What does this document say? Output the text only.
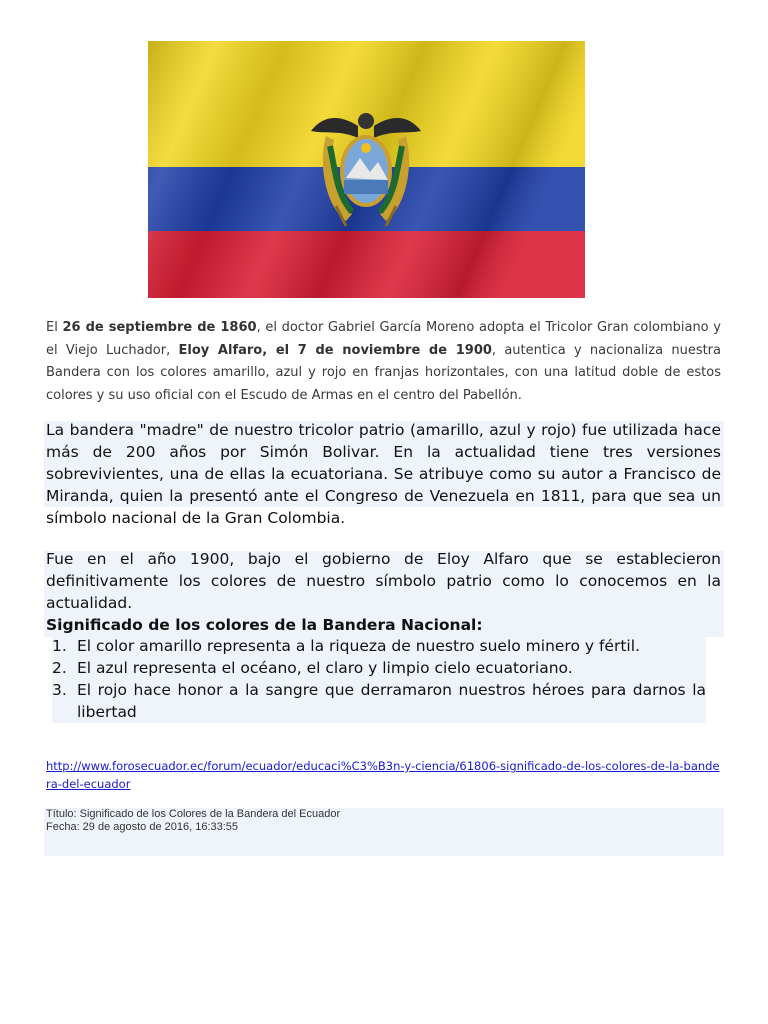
El 26 de septiembre de 1860, el doctor Gabriel García Moreno adopta el Tricolor Gran colombiano y el Viejo Luchador, Eloy Alfaro, el 7 de noviembre de 1900, autentica y nacionaliza nuestra Bandera con los colores amarillo, azul y rojo en franjas horizontales, con una latitud doble de estos colores y su uso oficial con el Escudo de Armas en el centro del Pabellón.

La bandera "madre" de nuestro tricolor patrio (amarillo, azul y rojo) fue utilizada hace más de 200 años por Simón Bolivar. En la actualidad tiene tres versiones sobrevivientes, una de ellas la ecuatoriana. Se atribuye como su autor a Francisco de Miranda, quien la presentó ante el Congreso de Venezuela en 1811, para que sea un símbolo nacional de la Gran Colombia.

Fue en el año 1900, bajo el gobierno de Eloy Alfaro que se establecieron definitivamente los colores de nuestro símbolo patrio como lo conocemos en la actualidad.

Significado de los colores de la Bandera Nacional:

1. El color amarillo representa a la riqueza de nuestro suelo minero y fértil.
2. El azul representa el océano, el claro y limpio cielo ecuatoriano.
3. El rojo hace honor a la sangre que derramaron nuestros héroes para darnos la libertad
http://www.forosecuador.ec/forum/ecuador/educaci%C3%B3n-y-ciencia/61806-significado-de-los-colores-de-la-bandera-del-ecuador
Título: Significado de los Colores de la Bandera del Ecuador
Fecha: 29 de agosto de 2016, 16:33:55
